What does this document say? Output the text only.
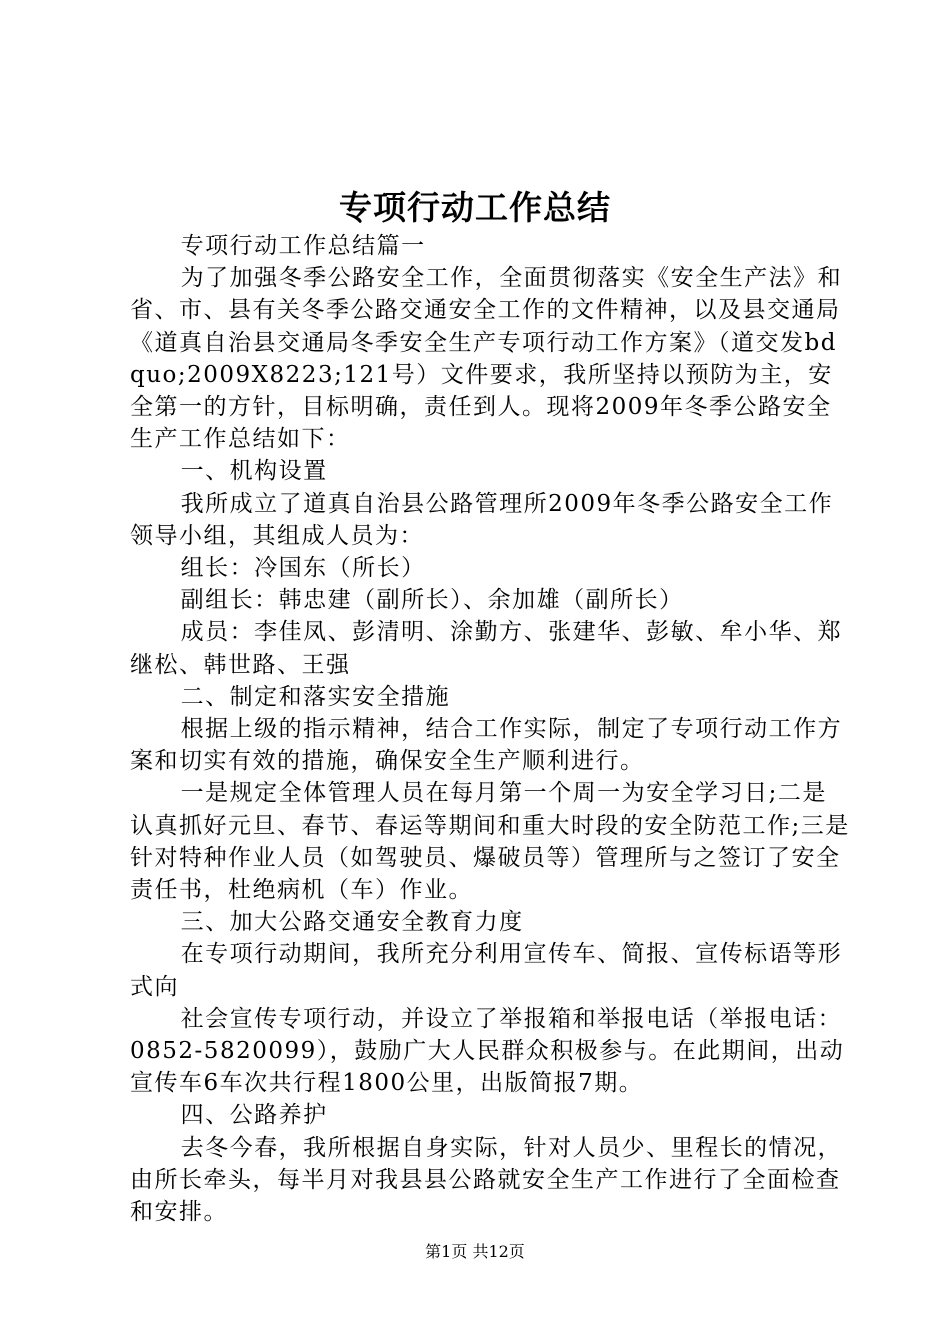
专项行动工作总结

专项行动工作总结篇一

为了加强冬季公路安全工作，全面贯彻落实《安全生产法》和省、市、县有关冬季公路交通安全工作的文件精神，以及县交通局《道真自治县交通局冬季安全生产专项行动工作方案》（道交发bdquo;2009X8223;121号）文件要求，我所坚持以预防为主，安全第一的方针，目标明确，责任到人。现将2009年冬季公路安全生产工作总结如下：

一、机构设置

我所成立了道真自治县公路管理所2009年冬季公路安全工作领导小组，其组成人员为：

组长：冷国东（所长）

副组长：韩忠建（副所长）、余加雄（副所长）

成员：李佳凤、彭清明、涂勤方、张建华、彭敏、牟小华、郑继松、韩世路、王强

二、制定和落实安全措施

根据上级的指示精神，结合工作实际，制定了专项行动工作方案和切实有效的措施，确保安全生产顺利进行。

一是规定全体管理人员在每月第一个周一为安全学习日;二是认真抓好元旦、春节、春运等期间和重大时段的安全防范工作;三是针对特种作业人员（如驾驶员、爆破员等）管理所与之签订了安全责任书，杜绝病机（车）作业。

三、加大公路交通安全教育力度

在专项行动期间，我所充分利用宣传车、简报、宣传标语等形式向

社会宣传专项行动，并设立了举报箱和举报电话（举报电话：0852-5820099），鼓励广大人民群众积极参与。在此期间，出动宣传车6车次共行程1800公里，出版简报7期。

四、公路养护

去冬今春，我所根据自身实际，针对人员少、里程长的情况，由所长牵头，每半月对我县县公路就安全生产工作进行了全面检查和安排。

第1页 共12页
